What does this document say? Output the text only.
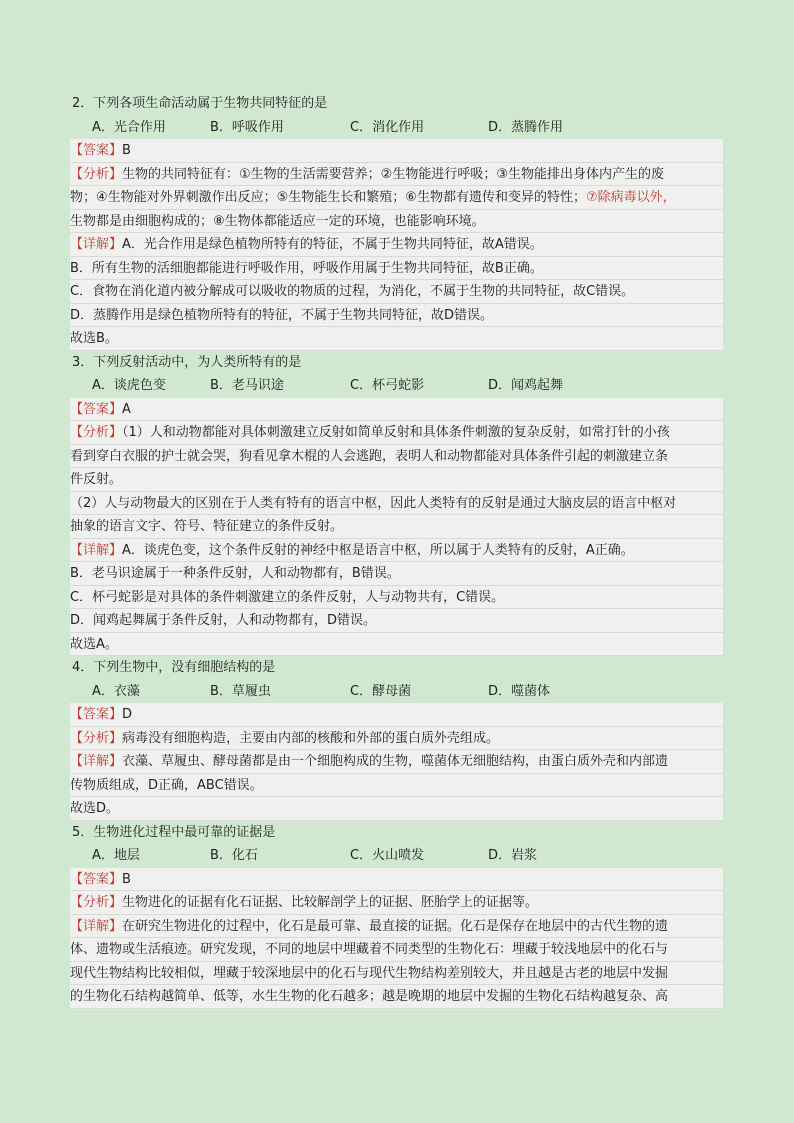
2．下列各项生命活动属于生物共同特征的是
A．光合作用	B．呼吸作用	C．消化作用	D．蒸腾作用
【答案】B
【分析】生物的共同特征有：①生物的生活需要营养；②生物能进行呼吸；③生物能排出身体内产生的废
物；④生物能对外界刺激作出反应；⑤生物能生长和繁殖；⑥生物都有遗传和变异的特性；⑦除病毒以外，
生物都是由细胞构成的；⑧生物体都能适应一定的环境，也能影响环境。
【详解】A．光合作用是绿色植物所特有的特征，不属于生物共同特征，故A错误。
B．所有生物的活细胞都能进行呼吸作用，呼吸作用属于生物共同特征，故B正确。
C．食物在消化道内被分解成可以吸收的物质的过程，为消化，不属于生物的共同特征，故C错误。
D．蒸腾作用是绿色植物所特有的特征，不属于生物共同特征，故D错误。
故选B。
3．下列反射活动中，为人类所特有的是
A．谈虎色变	B．老马识途	C．杯弓蛇影	D．闻鸡起舞
【答案】A
【分析】（1）人和动物都能对具体刺激建立反射如简单反射和具体条件刺激的复杂反射，如常打针的小孩
看到穿白衣服的护士就会哭，狗看见拿木棍的人会逃跑，表明人和动物都能对具体条件引起的刺激建立条
件反射。
（2）人与动物最大的区别在于人类有特有的语言中枢，因此人类特有的反射是通过大脑皮层的语言中枢对
抽象的语言文字、符号、特征建立的条件反射。
【详解】A．谈虎色变，这个条件反射的神经中枢是语言中枢，所以属于人类特有的反射，A正确。
B．老马识途属于一种条件反射，人和动物都有，B错误。
C．杯弓蛇影是对具体的条件刺激建立的条件反射，人与动物共有，C错误。
D．闻鸡起舞属于条件反射，人和动物都有，D错误。
故选A。
4．下列生物中，没有细胞结构的是
A．衣藻	B．草履虫	C．酵母菌	D．噬菌体
【答案】D
【分析】病毒没有细胞构造，主要由内部的核酸和外部的蛋白质外壳组成。
【详解】衣藻、草履虫、酵母菌都是由一个细胞构成的生物，噬菌体无细胞结构，由蛋白质外壳和内部遗
传物质组成，D正确，ABC错误。
故选D。
5．生物进化过程中最可靠的证据是
A．地层	B．化石	C．火山喷发	D．岩浆
【答案】B
【分析】生物进化的证据有化石证据、比较解剖学上的证据、胚胎学上的证据等。
【详解】在研究生物进化的过程中，化石是最可靠、最直接的证据。化石是保存在地层中的古代生物的遗
体、遗物或生活痕迹。研究发现，不同的地层中埋藏着不同类型的生物化石：埋藏于较浅地层中的化石与
现代生物结构比较相似，埋藏于较深地层中的化石与现代生物结构差别较大，并且越是古老的地层中发掘
的生物化石结构越简单、低等，水生生物的化石越多；越是晚期的地层中发掘的生物化石结构越复杂、高
